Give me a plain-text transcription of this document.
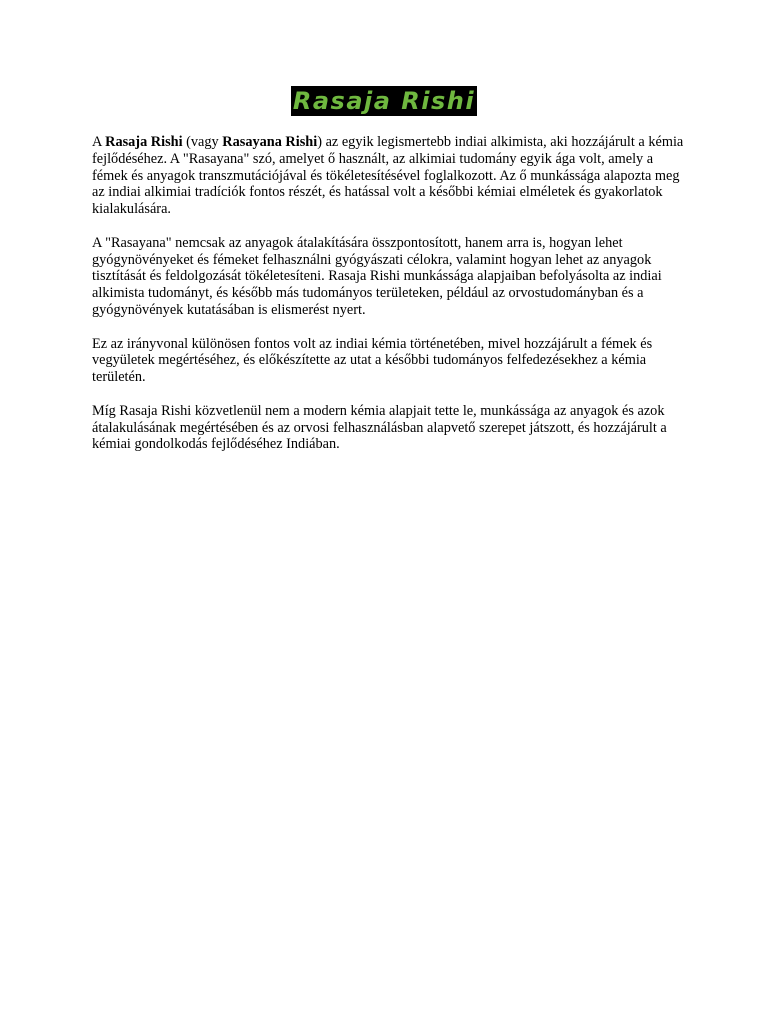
Rasaja Rishi

A Rasaja Rishi (vagy Rasayana Rishi) az egyik legismertebb indiai alkimista, aki hozzájárult a kémia fejlődéséhez. A "Rasayana" szó, amelyet ő használt, az alkimiai tudomány egyik ága volt, amely a fémek és anyagok transzmutációjával és tökéletesítésével foglalkozott. Az ő munkássága alapozta meg az indiai alkimiai tradíciók fontos részét, és hatással volt a későbbi kémiai elméletek és gyakorlatok kialakulására.

A "Rasayana" nemcsak az anyagok átalakítására összpontosított, hanem arra is, hogyan lehet gyógynövényeket és fémeket felhasználni gyógyászati célokra, valamint hogyan lehet az anyagok tisztítását és feldolgozását tökéletesíteni. Rasaja Rishi munkássága alapjaiban befolyásolta az indiai alkimista tudományt, és később más tudományos területeken, például az orvostudományban és a gyógynövények kutatásában is elismerést nyert.

Ez az irányvonal különösen fontos volt az indiai kémia történetében, mivel hozzájárult a fémek és vegyületek megértéséhez, és előkészítette az utat a későbbi tudományos felfedezésekhez a kémia területén.

Míg Rasaja Rishi közvetlenül nem a modern kémia alapjait tette le, munkássága az anyagok és azok átalakulásának megértésében és az orvosi felhasználásban alapvető szerepet játszott, és hozzájárult a kémiai gondolkodás fejlődéséhez Indiában.
